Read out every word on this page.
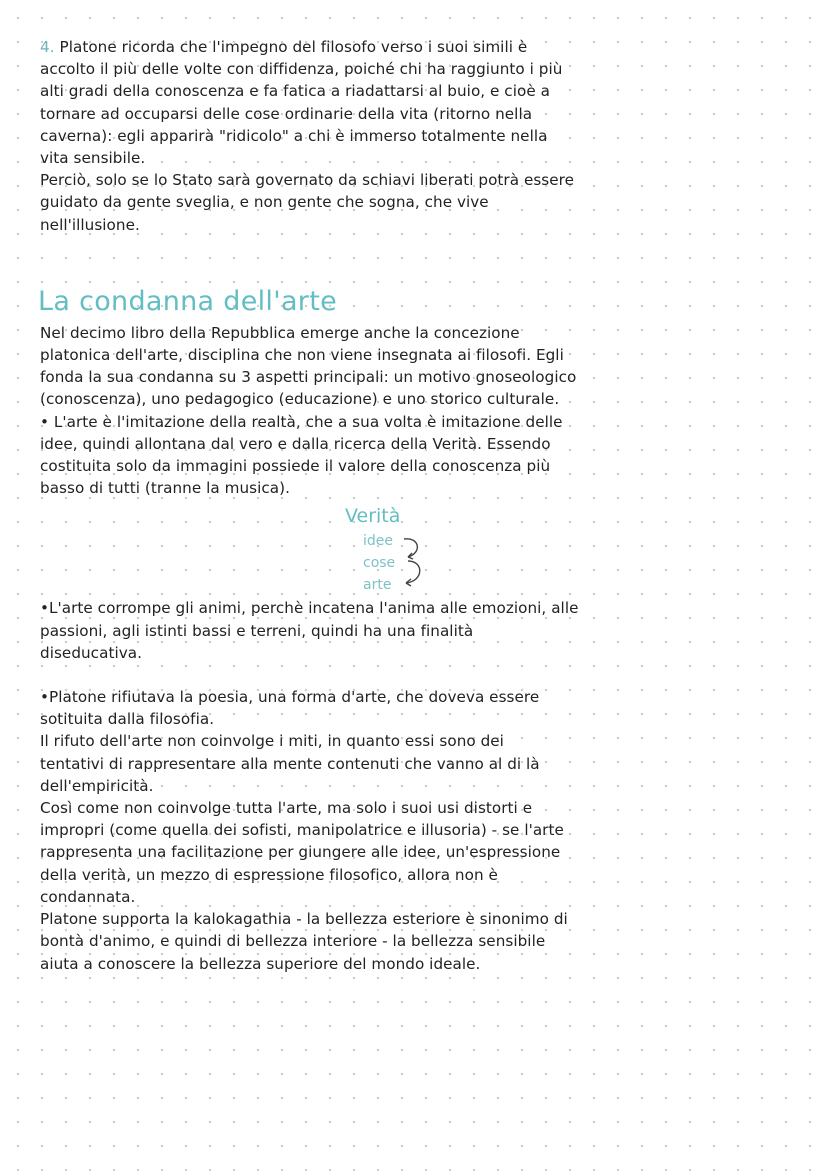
4. Platone ricorda che l'impegno del filosofo verso i suoi simili è
accolto il più delle volte con diffidenza, poiché chi ha raggiunto i più
alti gradi della conoscenza e fa fatica a riadattarsi al buio, e cioè a
tornare ad occuparsi delle cose ordinarie della vita (ritorno nella
caverna): egli apparirà "ridicolo" a chi è immerso totalmente nella
vita sensibile.
Perciò, solo se lo Stato sarà governato da schiavi liberati potrà essere
guidato da gente sveglia, e non gente che sogna, che vive
nell'illusione.
La condanna dell'arte
Nel decimo libro della Repubblica emerge anche la concezione
platonica dell'arte, disciplina che non viene insegnata ai filosofi. Egli
fonda la sua condanna su 3 aspetti principali: un motivo gnoseologico
(conoscenza), uno pedagogico (educazione) e uno storico culturale.
• L'arte è l'imitazione della realtà, che a sua volta è imitazione delle
idee, quindi allontana dal vero e dalla ricerca della Verità. Essendo
costituita solo da immagini possiede il valore della conoscenza più
basso di tutti (tranne la musica).
Verità
idee
cose
arte
•L'arte corrompe gli animi, perchè incatena l'anima alle emozioni, alle
passioni, agli istinti bassi e terreni, quindi ha una finalità
diseducativa.
•Platone rifiutava la poesia, una forma d'arte, che doveva essere
sotituita dalla filosofia.
Il rifuto dell'arte non coinvolge i miti, in quanto essi sono dei
tentativi di rappresentare alla mente contenuti che vanno al di là
dell'empiricità.
Così come non coinvolge tutta l'arte, ma solo i suoi usi distorti e
impropri (come quella dei sofisti, manipolatrice e illusoria) - se l'arte
rappresenta una facilitazione per giungere alle idee, un'espressione
della verità, un mezzo di espressione filosofico, allora non è
condannata.
Platone supporta la kalokagathia - la bellezza esteriore è sinonimo di
bontà d'animo, e quindi di bellezza interiore - la bellezza sensibile
aiuta a conoscere la bellezza superiore del mondo ideale.
